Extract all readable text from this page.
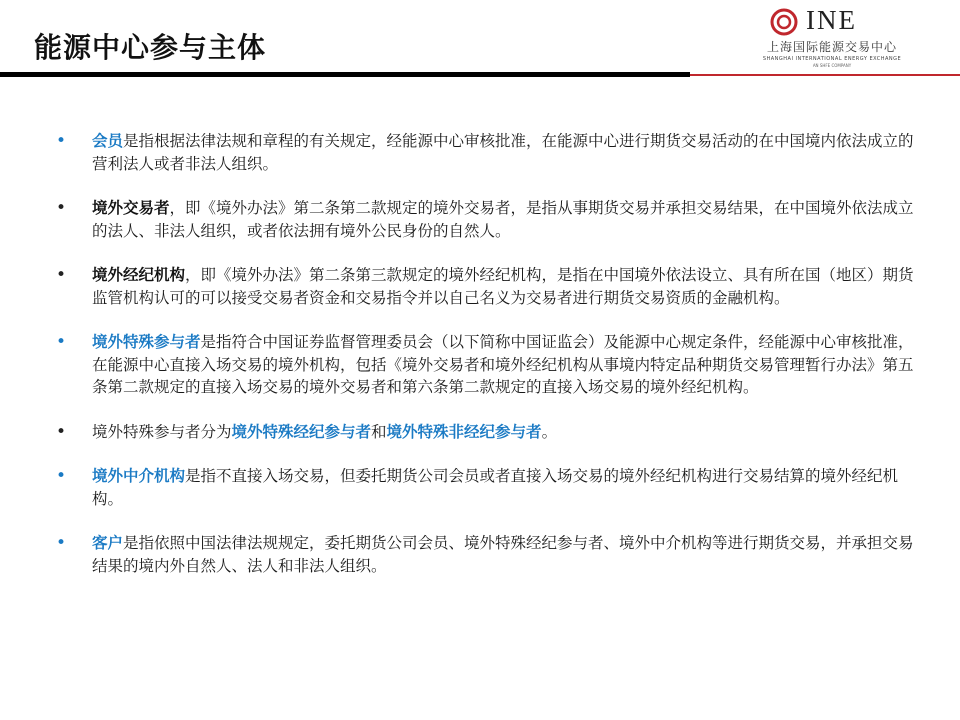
能源中心参与主体
INE
上海国际能源交易中心
SHANGHAI INTERNATIONAL ENERGY EXCHANGE
AN SHFE COMPANY
• 会员是指根据法律法规和章程的有关规定，经能源中心审核批准，在能源中心进行期货交易活动的在中国境内依法成立的营利法人或者非法人组织。
• 境外交易者，即《境外办法》第二条第二款规定的境外交易者，是指从事期货交易并承担交易结果，在中国境外依法成立的法人、非法人组织，或者依法拥有境外公民身份的自然人。
• 境外经纪机构，即《境外办法》第二条第三款规定的境外经纪机构，是指在中国境外依法设立、具有所在国（地区）期货监管机构认可的可以接受交易者资金和交易指令并以自己名义为交易者进行期货交易资质的金融机构。
• 境外特殊参与者是指符合中国证券监督管理委员会（以下简称中国证监会）及能源中心规定条件，经能源中心审核批准，在能源中心直接入场交易的境外机构，包括《境外交易者和境外经纪机构从事境内特定品种期货交易管理暂行办法》第五条第二款规定的直接入场交易的境外交易者和第六条第二款规定的直接入场交易的境外经纪机构。
• 境外特殊参与者分为境外特殊经纪参与者和境外特殊非经纪参与者。
• 境外中介机构是指不直接入场交易，但委托期货公司会员或者直接入场交易的境外经纪机构进行交易结算的境外经纪机构。
• 客户是指依照中国法律法规规定，委托期货公司会员、境外特殊经纪参与者、境外中介机构等进行期货交易，并承担交易结果的境内外自然人、法人和非法人组织。
